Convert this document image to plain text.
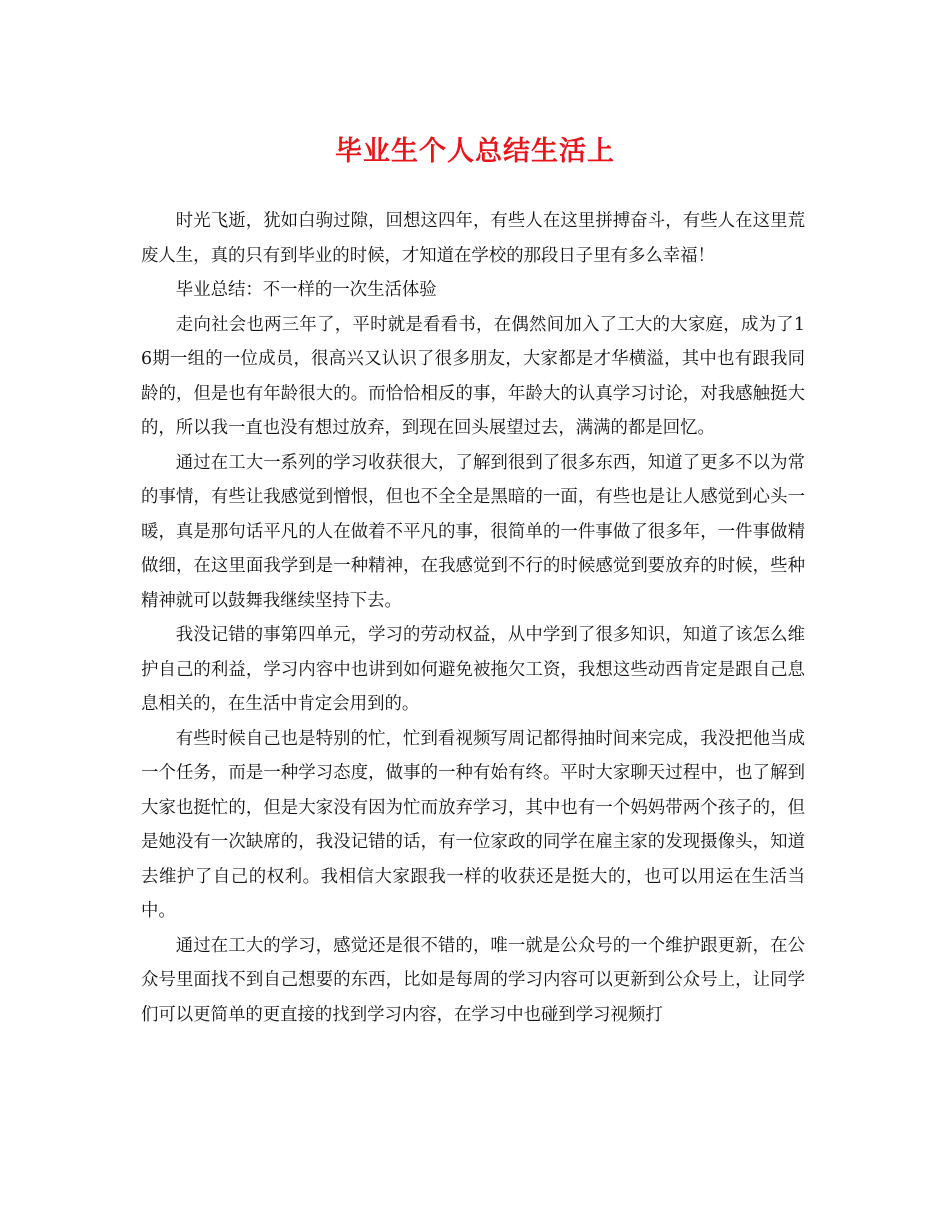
毕业生个人总结生活上

时光飞逝，犹如白驹过隙，回想这四年，有些人在这里拼搏奋斗，有些人在这里荒废人生，真的只有到毕业的时候，才知道在学校的那段日子里有多么幸福！

毕业总结：不一样的一次生活体验

走向社会也两三年了，平时就是看看书，在偶然间加入了工大的大家庭，成为了16期一组的一位成员，很高兴又认识了很多朋友，大家都是才华横溢，其中也有跟我同龄的，但是也有年龄很大的。而恰恰相反的事，年龄大的认真学习讨论，对我感触挺大的，所以我一直也没有想过放弃，到现在回头展望过去，满满的都是回忆。

通过在工大一系列的学习收获很大，了解到很到了很多东西，知道了更多不以为常的事情，有些让我感觉到憎恨，但也不全全是黑暗的一面，有些也是让人感觉到心头一暖，真是那句话平凡的人在做着不平凡的事，很简单的一件事做了很多年，一件事做精做细，在这里面我学到是一种精神，在我感觉到不行的时候感觉到要放弃的时候，些种精神就可以鼓舞我继续坚持下去。

我没记错的事第四单元，学习的劳动权益，从中学到了很多知识，知道了该怎么维护自己的利益，学习内容中也讲到如何避免被拖欠工资，我想这些动西肯定是跟自己息息相关的，在生活中肯定会用到的。

有些时候自己也是特别的忙，忙到看视频写周记都得抽时间来完成，我没把他当成一个任务，而是一种学习态度，做事的一种有始有终。平时大家聊天过程中，也了解到大家也挺忙的，但是大家没有因为忙而放弃学习，其中也有一个妈妈带两个孩子的，但是她没有一次缺席的，我没记错的话，有一位家政的同学在雇主家的发现摄像头，知道去维护了自己的权利。我相信大家跟我一样的收获还是挺大的，也可以用运在生活当中。

通过在工大的学习，感觉还是很不错的，唯一就是公众号的一个维护跟更新，在公众号里面找不到自己想要的东西，比如是每周的学习内容可以更新到公众号上，让同学们可以更简单的更直接的找到学习内容，在学习中也碰到学习视频打
